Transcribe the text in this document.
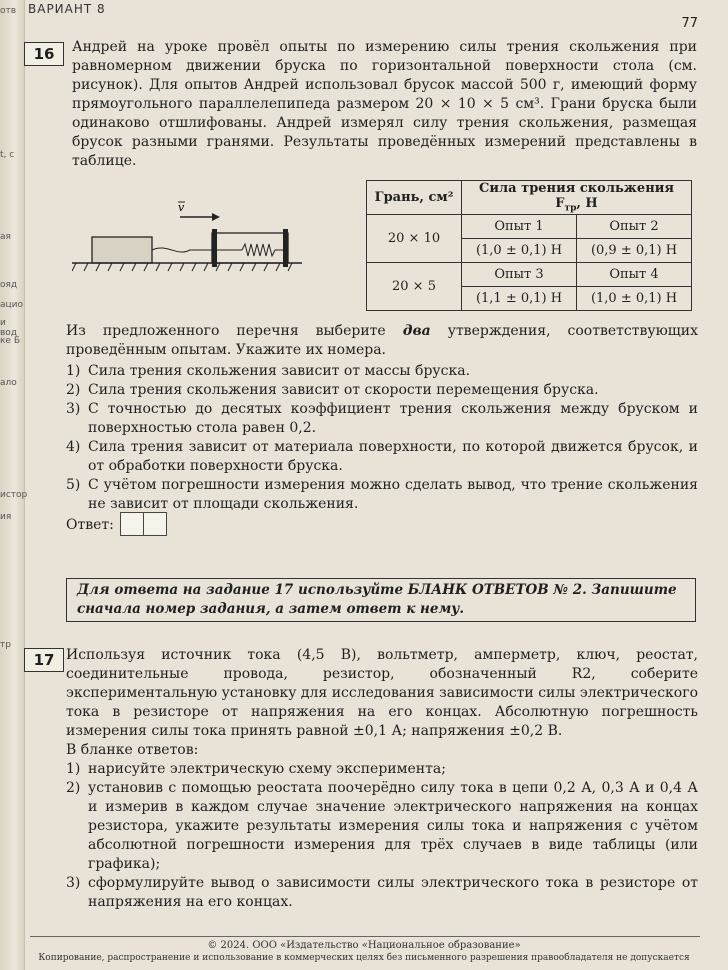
отв
t, c
ая
ояд
ацио
и вод
ке Б
ало
истор
ия
тр
ВАРИАНТ 8
77
16	Андрей на уроке провёл опыты по измерению силы трения скольжения при равномерном движении бруска по горизонтальной поверхности стола (см. рисунок). Для опытов Андрей использовал брусок массой 500 г, имеющий форму прямоугольного параллелепипеда размером 20 × 10 × 5 см³. Грани бруска были одинаково отшлифованы. Андрей измерял силу трения скольжения, размещая брусок разными гранями. Результаты проведённых измерений представлены в таблице.
v
Грань, см²	Сила трения скольжения $F_{тр}$, Н	
20 × 10	Опыт 1	Опыт 2
	(1,0 ± 0,1) Н	(0,9 ± 0,1) Н
20 × 5	Опыт 3	Опыт 4
	(1,1 ± 0,1) Н	(1,0 ± 0,1) Н
Из предложенного перечня выберите два утверждения, соответствующих проведённым опытам. Укажите их номера.
1) Сила трения скольжения зависит от массы бруска.
2) Сила трения скольжения зависит от скорости перемещения бруска.
3) С точностью до десятых коэффициент трения скольжения между бруском и поверхностью стола равен 0,2.
4) Сила трения зависит от материала поверхности, по которой движется брусок, и от обработки поверхности бруска.
5) С учётом погрешности измерения можно сделать вывод, что трение скольжения не зависит от площади скольжения.
Ответ:
Для ответа на задание 17 используйте БЛАНК ОТВЕТОВ № 2. Запишите сначала номер задания, а затем ответ к нему.
17 Используя источник тока (4,5 В), вольтметр, амперметр, ключ, реостат, соединительные провода, резистор, обозначенный R2, соберите экспериментальную установку для исследования зависимости силы электрического тока в резисторе от напряжения на его концах. Абсолютную погрешность измерения силы тока принять равной ±0,1 А; напряжения ±0,2 В.
В бланке ответов:
1) нарисуйте электрическую схему эксперимента;
2) установив с помощью реостата поочерёдно силу тока в цепи 0,2 А, 0,3 А и 0,4 А и измерив в каждом случае значение электрического напряжения на концах резистора, укажите результаты измерения силы тока и напряжения с учётом абсолютной погрешности измерения для трёх случаев в виде таблицы (или графика);
3) сформулируйте вывод о зависимости силы электрического тока в резисторе от напряжения на его концах.
© 2024. ООО «Издательство «Национальное образование»
Копирование, распространение и использование в коммерческих целях без письменного разрешения правообладателя не допускается
